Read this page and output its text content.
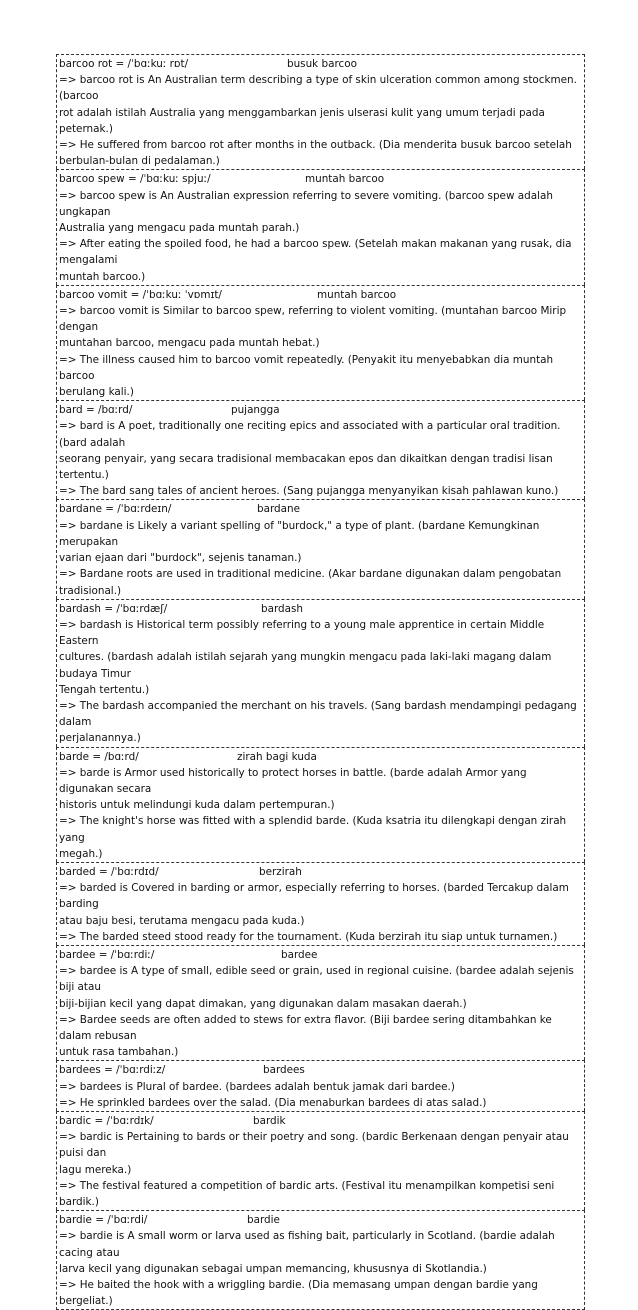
barcoo rot = /ˈbɑːkuː rɒt/	busuk barcoo
=> barcoo rot is An Australian term describing a type of skin ulceration common among stockmen. (barcoo
rot adalah istilah Australia yang menggambarkan jenis ulserasi kulit yang umum terjadi pada peternak.)
=> He suffered from barcoo rot after months in the outback. (Dia menderita busuk barcoo setelah
berbulan-bulan di pedalaman.)
barcoo spew = /ˈbɑːkuː spjuː/	muntah barcoo
=> barcoo spew is An Australian expression referring to severe vomiting. (barcoo spew adalah ungkapan
Australia yang mengacu pada muntah parah.)
=> After eating the spoiled food, he had a barcoo spew. (Setelah makan makanan yang rusak, dia mengalami
muntah barcoo.)
barcoo vomit = /ˈbɑːkuː ˈvɒmɪt/	muntah barcoo
=> barcoo vomit is Similar to barcoo spew, referring to violent vomiting. (muntahan barcoo Mirip dengan
muntahan barcoo, mengacu pada muntah hebat.)
=> The illness caused him to barcoo vomit repeatedly. (Penyakit itu menyebabkan dia muntah barcoo
berulang kali.)
bard = /bɑːrd/	pujangga
=> bard is A poet, traditionally one reciting epics and associated with a particular oral tradition. (bard adalah
seorang penyair, yang secara tradisional membacakan epos dan dikaitkan dengan tradisi lisan tertentu.)
=> The bard sang tales of ancient heroes. (Sang pujangga menyanyikan kisah pahlawan kuno.)
bardane = /ˈbɑːrdeɪn/	bardane
=> bardane is Likely a variant spelling of "burdock," a type of plant. (bardane Kemungkinan merupakan
varian ejaan dari "burdock", sejenis tanaman.)
=> Bardane roots are used in traditional medicine. (Akar bardane digunakan dalam pengobatan tradisional.)
bardash = /ˈbɑːrdæʃ/	bardash
=> bardash is Historical term possibly referring to a young male apprentice in certain Middle Eastern
cultures. (bardash adalah istilah sejarah yang mungkin mengacu pada laki-laki magang dalam budaya Timur
Tengah tertentu.)
=> The bardash accompanied the merchant on his travels. (Sang bardash mendampingi pedagang dalam
perjalanannya.)
barde = /bɑːrd/	zirah bagi kuda
=> barde is Armor used historically to protect horses in battle. (barde adalah Armor yang digunakan secara
historis untuk melindungi kuda dalam pertempuran.)
=> The knight's horse was fitted with a splendid barde. (Kuda ksatria itu dilengkapi dengan zirah yang
megah.)
barded = /ˈbɑːrdɪd/	berzirah
=> barded is Covered in barding or armor, especially referring to horses. (barded Tercakup dalam barding
atau baju besi, terutama mengacu pada kuda.)
=> The barded steed stood ready for the tournament. (Kuda berzirah itu siap untuk turnamen.)
bardee = /ˈbɑːrdiː/	bardee
=> bardee is A type of small, edible seed or grain, used in regional cuisine. (bardee adalah sejenis biji atau
biji-bijian kecil yang dapat dimakan, yang digunakan dalam masakan daerah.)
=> Bardee seeds are often added to stews for extra flavor. (Biji bardee sering ditambahkan ke dalam rebusan
untuk rasa tambahan.)
bardees = /ˈbɑːrdiːz/	bardees
=> bardees is Plural of bardee. (bardees adalah bentuk jamak dari bardee.)
=> He sprinkled bardees over the salad. (Dia menaburkan bardees di atas salad.)
bardic = /ˈbɑːrdɪk/	bardik
=> bardic is Pertaining to bards or their poetry and song. (bardic Berkenaan dengan penyair atau puisi dan
lagu mereka.)
=> The festival featured a competition of bardic arts. (Festival itu menampilkan kompetisi seni bardik.)
bardie = /ˈbɑːrdi/	bardie
=> bardie is A small worm or larva used as fishing bait, particularly in Scotland. (bardie adalah cacing atau
larva kecil yang digunakan sebagai umpan memancing, khususnya di Skotlandia.)
=> He baited the hook with a wriggling bardie. (Dia memasang umpan dengan bardie yang bergeliat.)
